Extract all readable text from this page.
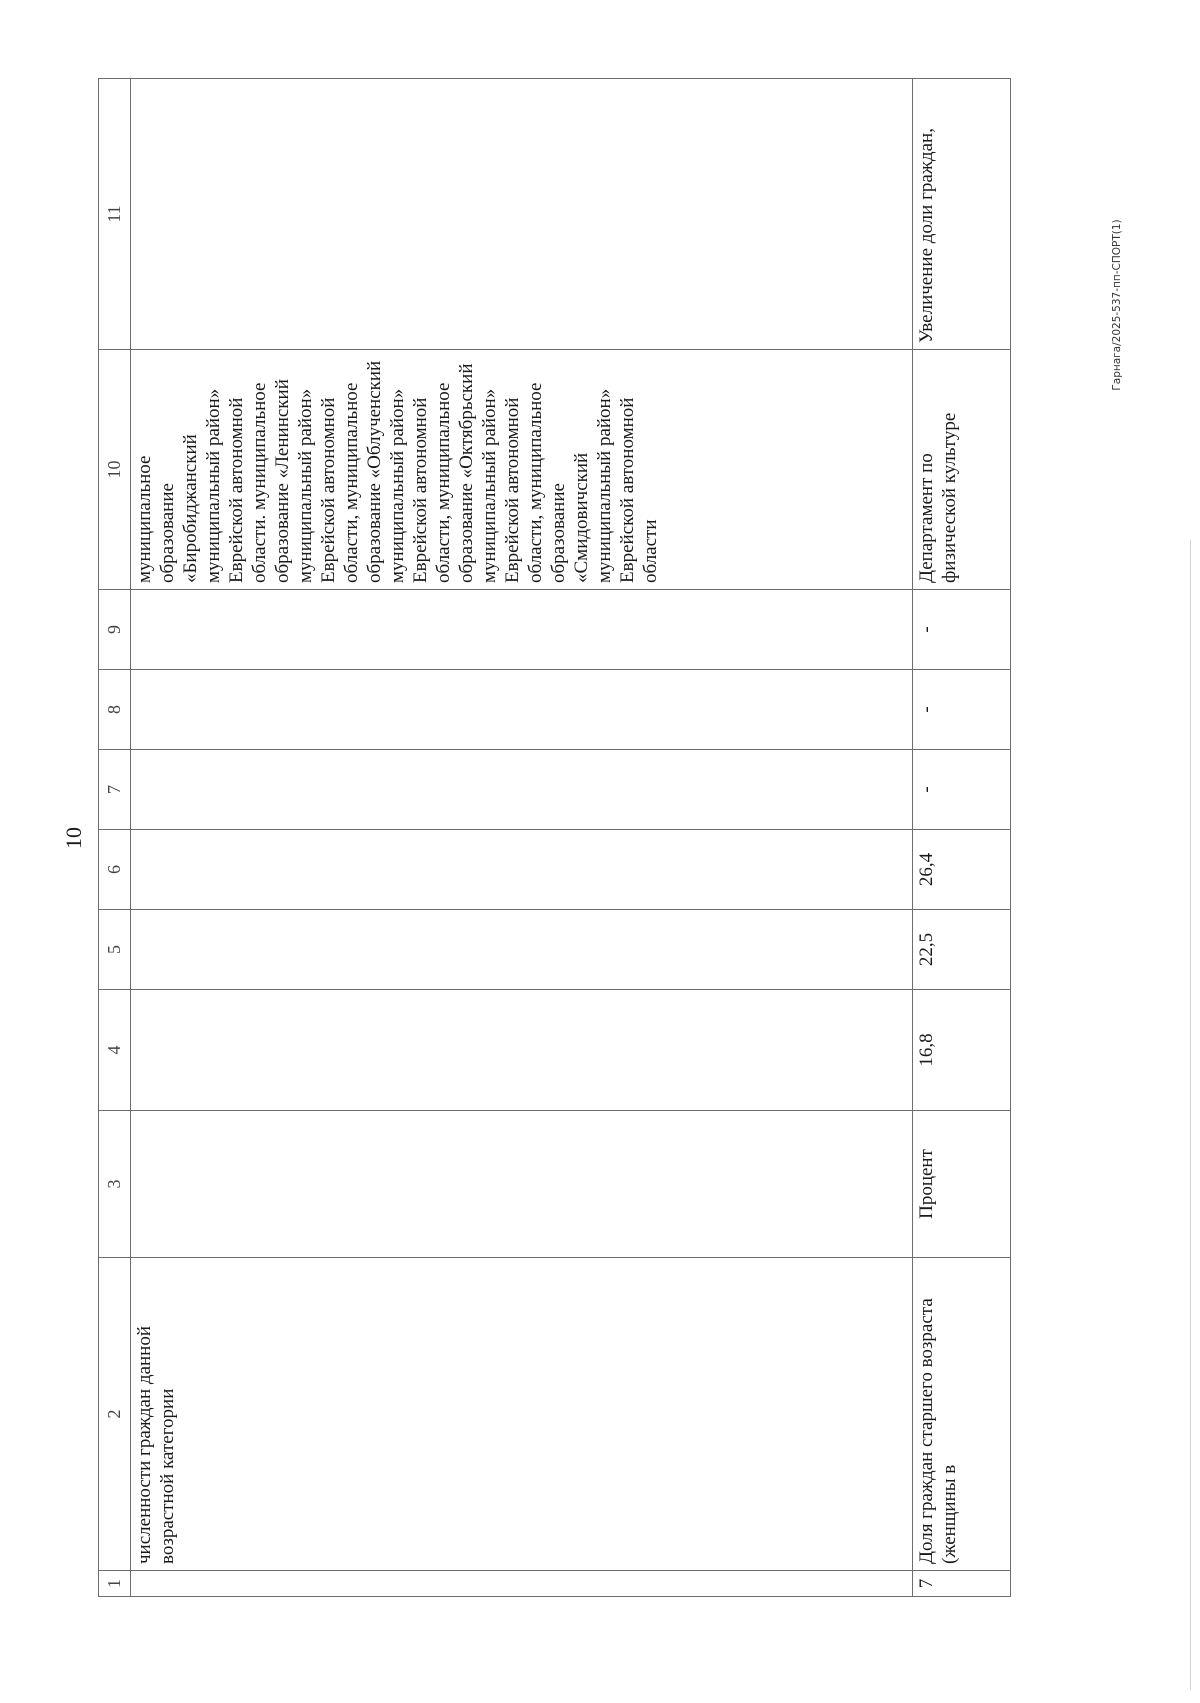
10
1	2	3	4	5	6	7	8	9	10	11
	численности граждан данной возрастной категории								муниципальное образование «Биробиджанский муниципальный район» Еврейской автономной области. муниципальное образование «Ленинский муниципальный район» Еврейской автономной области, муниципальное образование «Облученский муниципальный район» Еврейской автономной области, муниципальное образование «Октябрьский муниципальный район» Еврейской автономной области, муниципальное образование «Смидовичский муниципальный район» Еврейской автономной области	
7	Доля граждан старшего возраста (женщины в	Процент	16,8	22,5	26,4	-	-	-	Департамент по физической культуре	Увеличение доли граждан,	Гарнага/2025-537-пп-СПОРТ(1)
